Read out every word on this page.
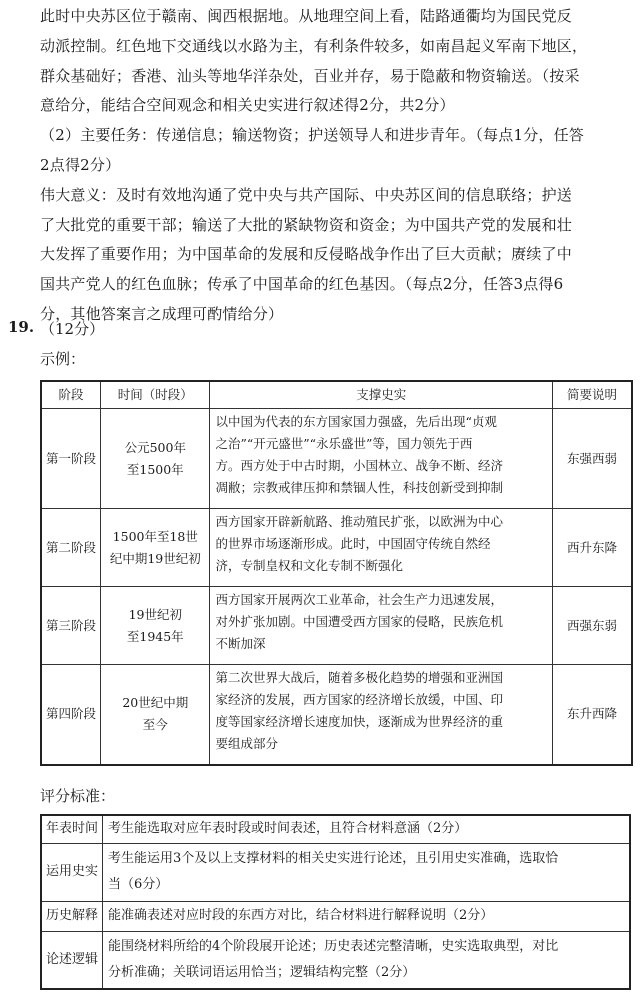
此时中央苏区位于赣南、闽西根据地。从地理空间上看，陆路通衢均为国民党反
动派控制。红色地下交通线以水路为主，有利条件较多，如南昌起义军南下地区，
群众基础好；香港、汕头等地华洋杂处，百业并存，易于隐蔽和物资输送。（按采
意给分，能结合空间观念和相关史实进行叙述得2分，共2分）
（2）主要任务：传递信息；输送物资；护送领导人和进步青年。（每点1分，任答
2点得2分）
伟大意义：及时有效地沟通了党中央与共产国际、中央苏区间的信息联络；护送
了大批党的重要干部；输送了大批的紧缺物资和资金；为中国共产党的发展和壮
大发挥了重要作用；为中国革命的发展和反侵略战争作出了巨大贡献；赓续了中
国共产党人的红色血脉；传承了中国革命的红色基因。（每点2分，任答3点得6
分，其他答案言之成理可酌情给分）
19. （12分）
示例：
阶段	时间（时段）	支撑史实	简要说明
第一阶段	公元500年
至1500年	以中国为代表的东方国家国力强盛，先后出现“贞观
之治”“开元盛世”“永乐盛世”等，国力领先于西
方。西方处于中古时期，小国林立、战争不断、经济
凋敝；宗教戒律压抑和禁锢人性，科技创新受到抑制	东强西弱
第二阶段	1500年至18世
纪中期19世纪初	西方国家开辟新航路、推动殖民扩张，以欧洲为中心
的世界市场逐渐形成。此时，中国固守传统自然经
济，专制皇权和文化专制不断强化	西升东降
第三阶段	19世纪初
至1945年	西方国家开展两次工业革命，社会生产力迅速发展，
对外扩张加剧。中国遭受西方国家的侵略，民族危机
不断加深	西强东弱
第四阶段	20世纪中期
至今	第二次世界大战后，随着多极化趋势的增强和亚洲国
家经济的发展，西方国家的经济增长放缓，中国、印
度等国家经济增长速度加快，逐渐成为世界经济的重
要组成部分	东升西降
评分标准：
年表时间	考生能选取对应年表时段或时间表述，且符合材料意涵（2分）

运用史实	考生能运用3个及以上支撑材料的相关史实进行论述，且引用史实准确，选取恰
当（6分）

历史解释	能准确表述对应时段的东西方对比，结合材料进行解释说明（2分）

论述逻辑	能围绕材料所给的4个阶段展开论述；历史表述完整清晰，史实选取典型，对比
分析准确；关联词语运用恰当；逻辑结构完整（2分）
